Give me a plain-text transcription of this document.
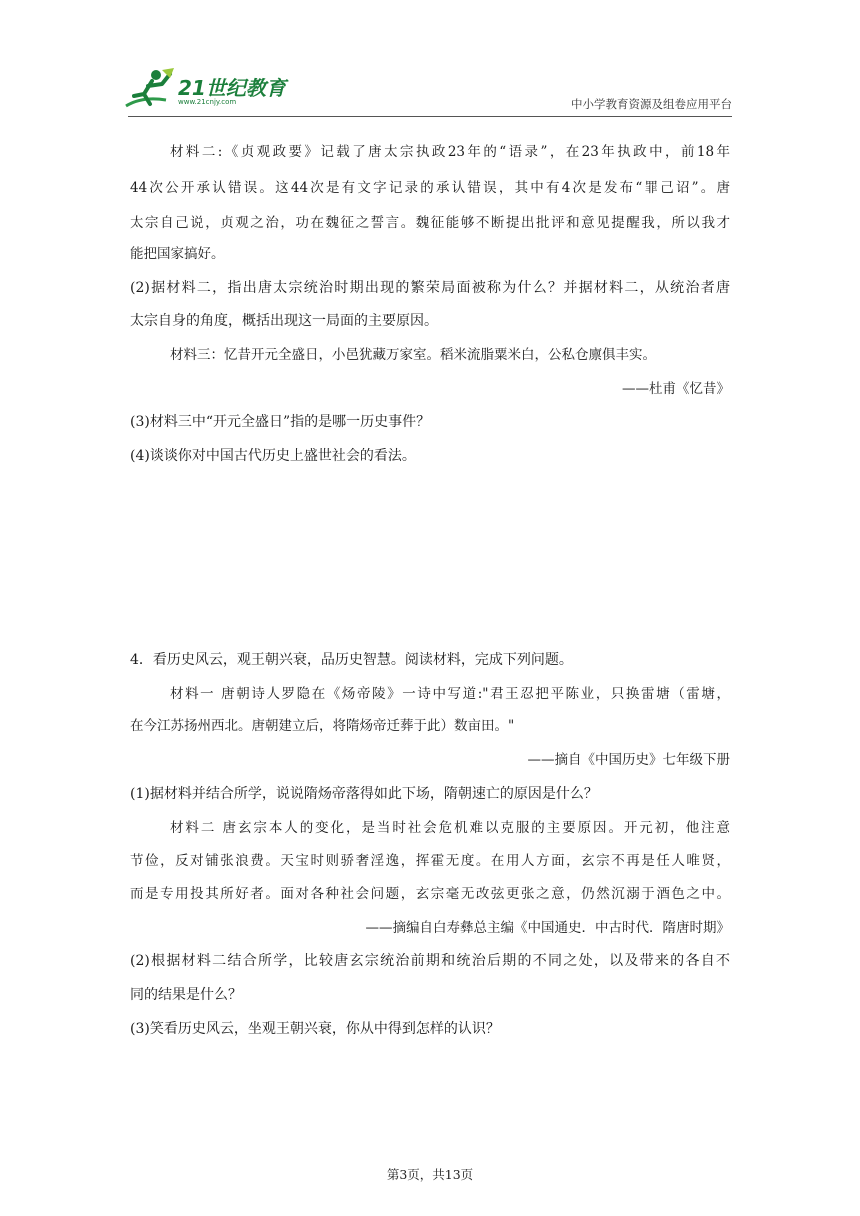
21世纪教育
www.21cnjy.com	中小学教育资源及组卷应用平台
材料二:《贞观政要》记载了唐太宗执政23年的“语录”，在23年执政中，前18年
44次公开承认错误。这44次是有文字记录的承认错误，其中有4次是发布“罪己诏”。唐
太宗自己说，贞观之治，功在魏征之誓言。魏征能够不断提出批评和意见提醒我，所以我才
能把国家搞好。
(2)据材料二，指出唐太宗统治时期出现的繁荣局面被称为什么？并据材料二，从统治者唐
太宗自身的角度，概括出现这一局面的主要原因。
材料三：忆昔开元全盛日，小邑犹藏万家室。稻米流脂粟米白，公私仓廪俱丰实。
——杜甫《忆昔》
(3)材料三中“开元全盛日”指的是哪一历史事件？
(4)谈谈你对中国古代历史上盛世社会的看法。
4．看历史风云，观王朝兴衰，品历史智慧。阅读材料，完成下列问题。
材料一 唐朝诗人罗隐在《炀帝陵》一诗中写道:"君王忍把平陈业，只换雷塘（雷塘，
在今江苏扬州西北。唐朝建立后，将隋炀帝迁葬于此）数亩田。"
——摘自《中国历史》七年级下册
(1)据材料并结合所学，说说隋炀帝落得如此下场，隋朝速亡的原因是什么？
材料二 唐玄宗本人的变化，是当时社会危机难以克服的主要原因。开元初，他注意
节俭，反对铺张浪费。天宝时则骄奢淫逸，挥霍无度。在用人方面，玄宗不再是任人唯贤，
而是专用投其所好者。面对各种社会问题，玄宗毫无改弦更张之意，仍然沉溺于酒色之中。
——摘编自白寿彝总主编《中国通史．中古时代．隋唐时期》
(2)根据材料二结合所学，比较唐玄宗统治前期和统治后期的不同之处，以及带来的各自不
同的结果是什么？
(3)笑看历史风云，坐观王朝兴衰，你从中得到怎样的认识？
第3页，共13页
